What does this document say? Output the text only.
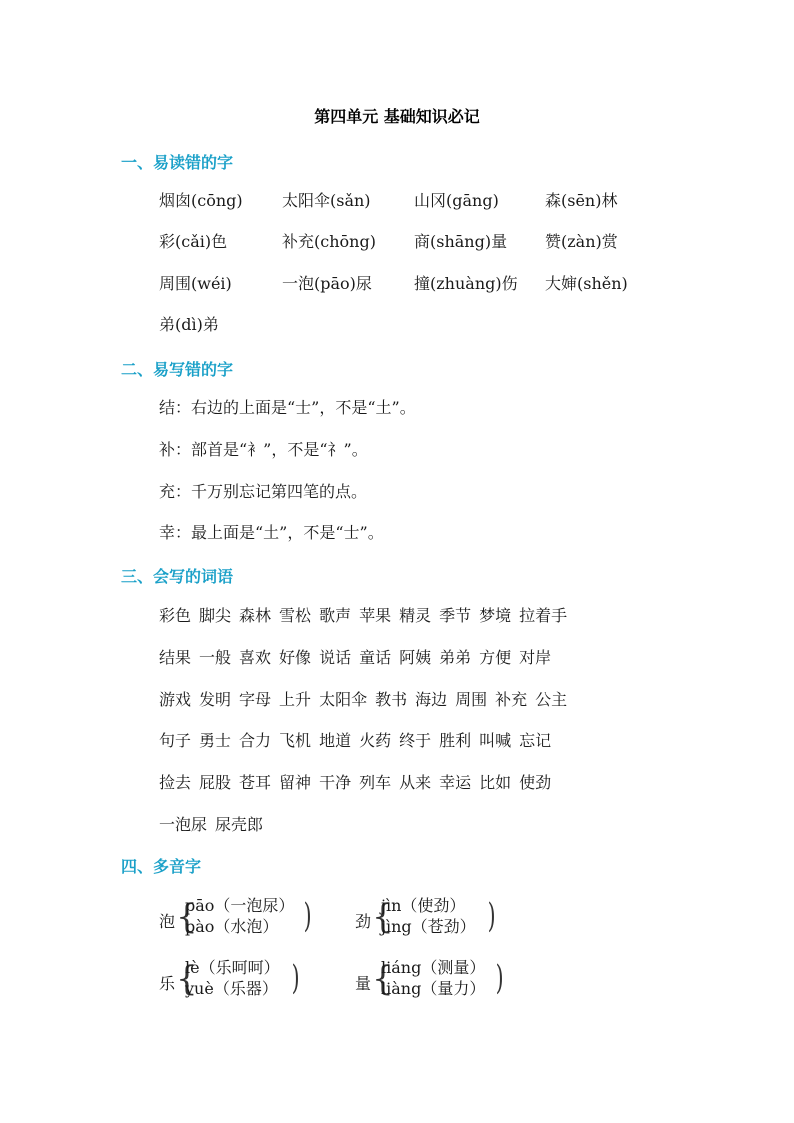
第四单元 基础知识必记
一、易读错的字
烟囱(cōng) 太阳伞(sǎn)	山冈(gāng)	森(sēn)林
彩(cǎi)色	补充(chōng) 商(shāng)量 赞(zàn)赏
周围(wéi)	一泡(pāo)尿	撞(zhuàng)伤 大婶(shěn)
弟(dì)弟
二、易写错的字
结：右边的上面是“士”，不是“土”。
补：部首是“衤”，不是“礻”。
充：千万别忘记第四笔的点。
幸：最上面是“土”，不是“士”。
三、会写的词语
彩色 脚尖 森林 雪松 歌声 苹果 精灵 季节 梦境 拉着手
结果 一般 喜欢 好像 说话 童话 阿姨 弟弟 方便 对岸
游戏 发明 字母 上升 太阳伞 教书 海边 周围 补充 公主
句子 勇士 合力 飞机 地道 火药 终于 胜利 叫喊 忘记
捡去 屁股 苍耳 留神 干净 列车 从来 幸运 比如 使劲
一泡尿 尿壳郎
四、多音字
泡 {
pāo（一泡尿）
pào（水泡） )	劲 {
jìn（使劲）
jìng（苍劲） )
乐 {
lè（乐呵呵）
yuè（乐器） )	量 {
liáng（测量）
liàng（量力） )
